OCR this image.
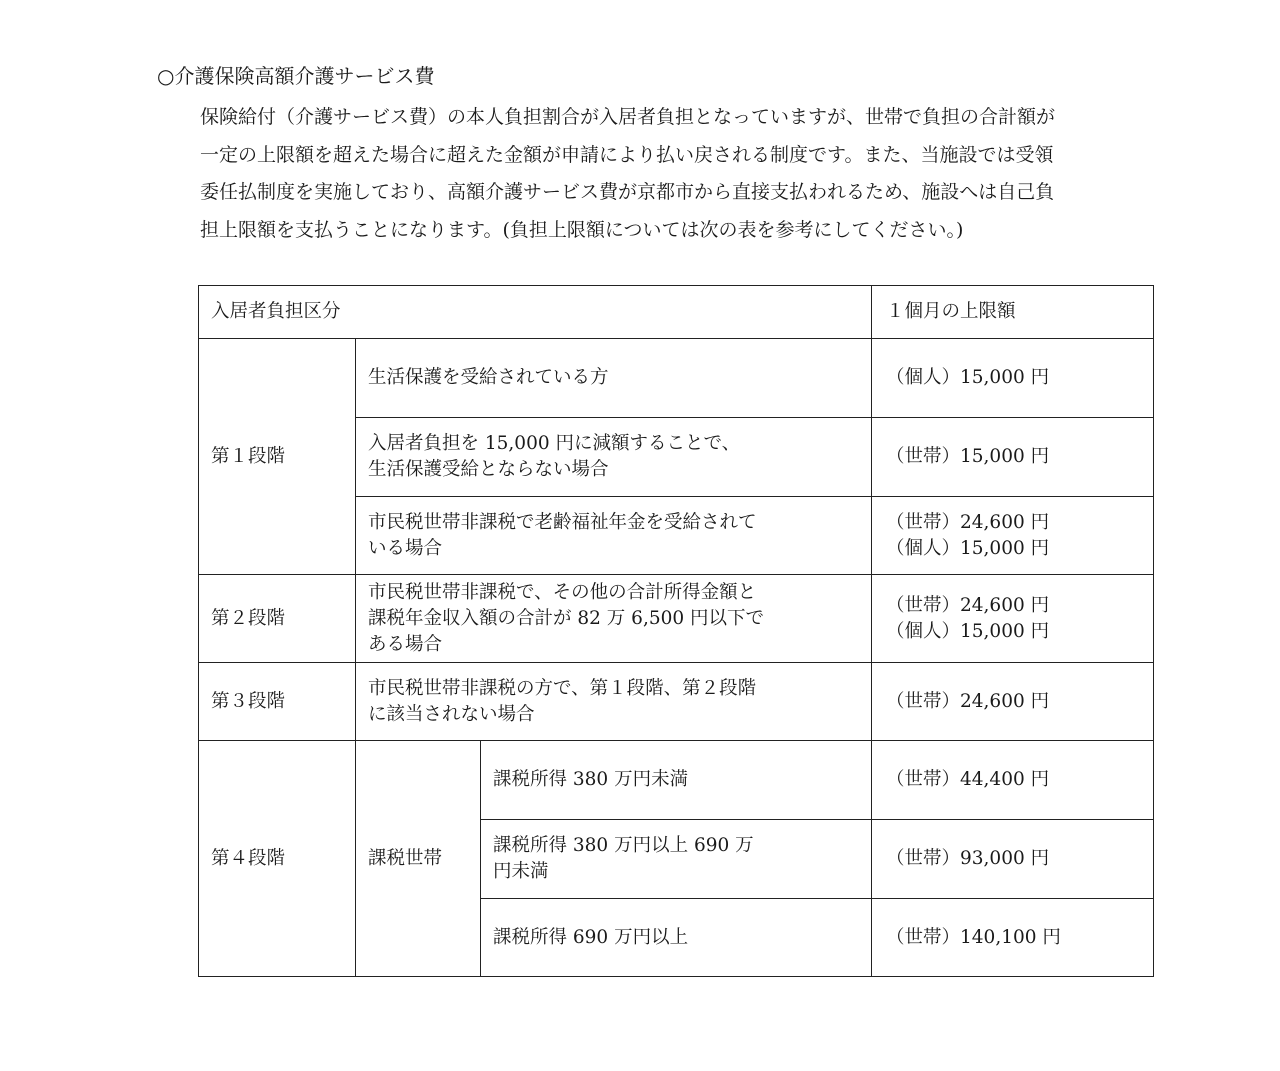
○介護保険高額介護サービス費
保険給付（介護サービス費）の本人負担割合が入居者負担となっていますが、世帯で負担の合計額が
一定の上限額を超えた場合に超えた金額が申請により払い戻される制度です。また、当施設では受領
委任払制度を実施しており、高額介護サービス費が京都市から直接支払われるため、施設へは自己負
担上限額を支払うことになります。(負担上限額については次の表を参考にしてください。)
入居者負担区分			１個月の上限額
第１段階	生活保護を受給されている方		（個人）15,000 円

	入居者負担を 15,000 円に減額することで、
生活保護受給とならない場合		（世帯）15,000 円

	市民税世帯非課税で老齢福祉年金を受給されて
いる場合		（世帯）24,600 円
（個人）15,000 円

第２段階	市民税世帯非課税で、その他の合計所得金額と
課税年金収入額の合計が 82 万 6,500 円以下で
ある場合		（世帯）24,600 円
（個人）15,000 円

第３段階	市民税世帯非課税の方で、第１段階、第２段階
に該当されない場合		（世帯）24,600 円

第４段階	課税世帯	課税所得 380 万円未満	（世帯）44,400 円

		課税所得 380 万円以上 690 万
円未満	（世帯）93,000 円

		課税所得 690 万円以上	（世帯）140,100 円
